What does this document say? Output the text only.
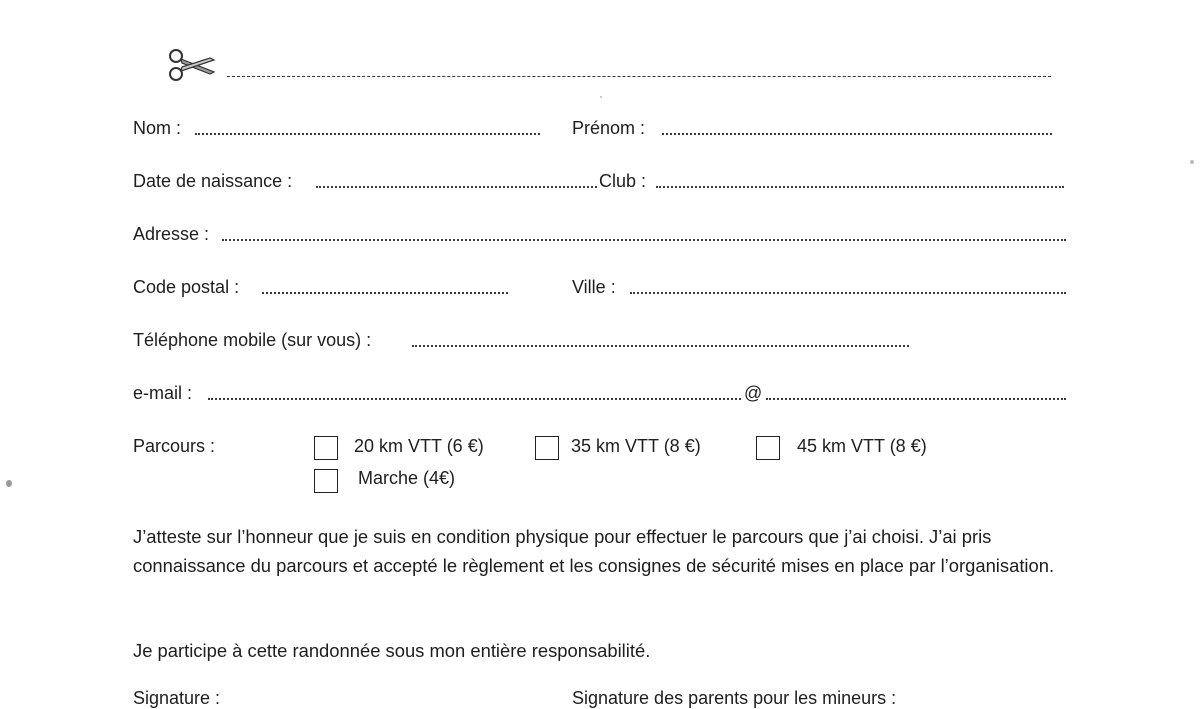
Nom :	Prénom :
Date de naissance :	Club :
Adresse :
Code postal :	Ville :
Téléphone mobile (sur vous) :
e-mail :	@
Parcours :	20 km VTT (6 €)	35 km VTT (8 €)	45 km VTT (8 €)
Marche (4€)
J’atteste sur l’honneur que je suis en condition physique pour effectuer le parcours que j’ai choisi. J’ai pris connaissance du parcours et accepté le règlement et les consignes de sécurité mises en place par l’organisation.
Je participe à cette randonnée sous mon entière responsabilité.
Signature :	Signature des parents pour les mineurs :
